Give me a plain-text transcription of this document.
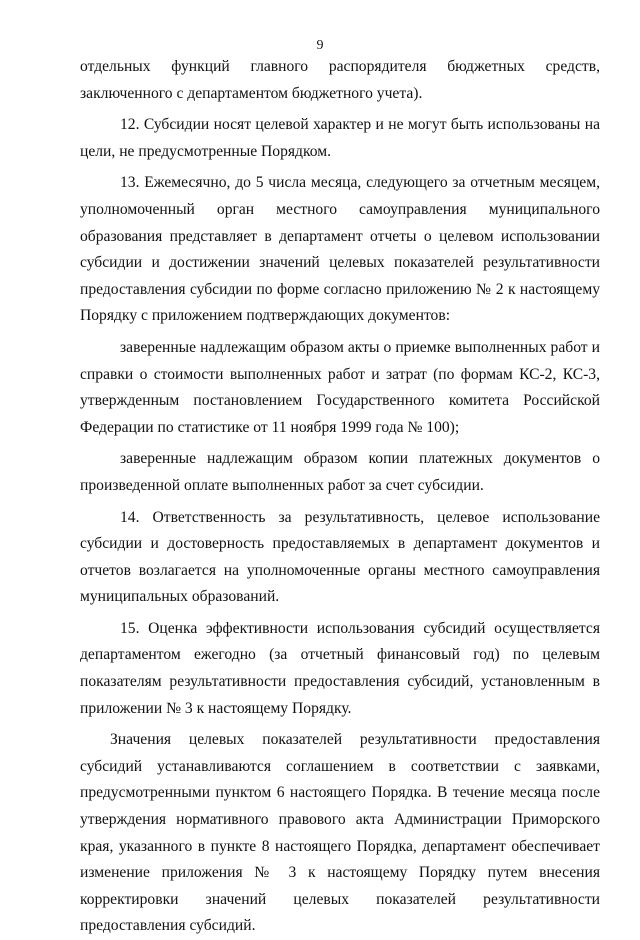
9

отдельных функций главного распорядителя бюджетных средств, заключенного с департаментом бюджетного учета).

12. Субсидии носят целевой характер и не могут быть использованы на цели, не предусмотренные Порядком.

13. Ежемесячно, до 5 числа месяца, следующего за отчетным месяцем, уполномоченный орган местного самоуправления муниципального образования представляет в департамент отчеты о целевом использовании субсидии и достижении значений целевых показателей результативности предоставления субсидии по форме согласно приложению № 2 к настоящему Порядку с приложением подтверждающих документов:

заверенные надлежащим образом акты о приемке выполненных работ и справки о стоимости выполненных работ и затрат (по формам КС-2, КС-3, утвержденным постановлением Государственного комитета Российской Федерации по статистике от 11 ноября 1999 года № 100);

заверенные надлежащим образом копии платежных документов о произведенной оплате выполненных работ за счет субсидии.

14. Ответственность за результативность, целевое использование субсидии и достоверность предоставляемых в департамент документов и отчетов возлагается на уполномоченные органы местного самоуправления муниципальных образований.

15. Оценка эффективности использования субсидий осуществляется департаментом ежегодно (за отчетный финансовый год) по целевым показателям результативности предоставления субсидий, установленным в приложении № 3 к настоящему Порядку.

Значения целевых показателей результативности предоставления субсидий устанавливаются соглашением в соответствии с заявками, предусмотренными пунктом 6 настоящего Порядка. В течение месяца после утверждения нормативного правового акта Администрации Приморского края, указанного в пункте 8 настоящего Порядка, департамент обеспечивает изменение приложения № 3 к настоящему Порядку путем внесения корректировки значений целевых показателей результативности предоставления субсидий.
